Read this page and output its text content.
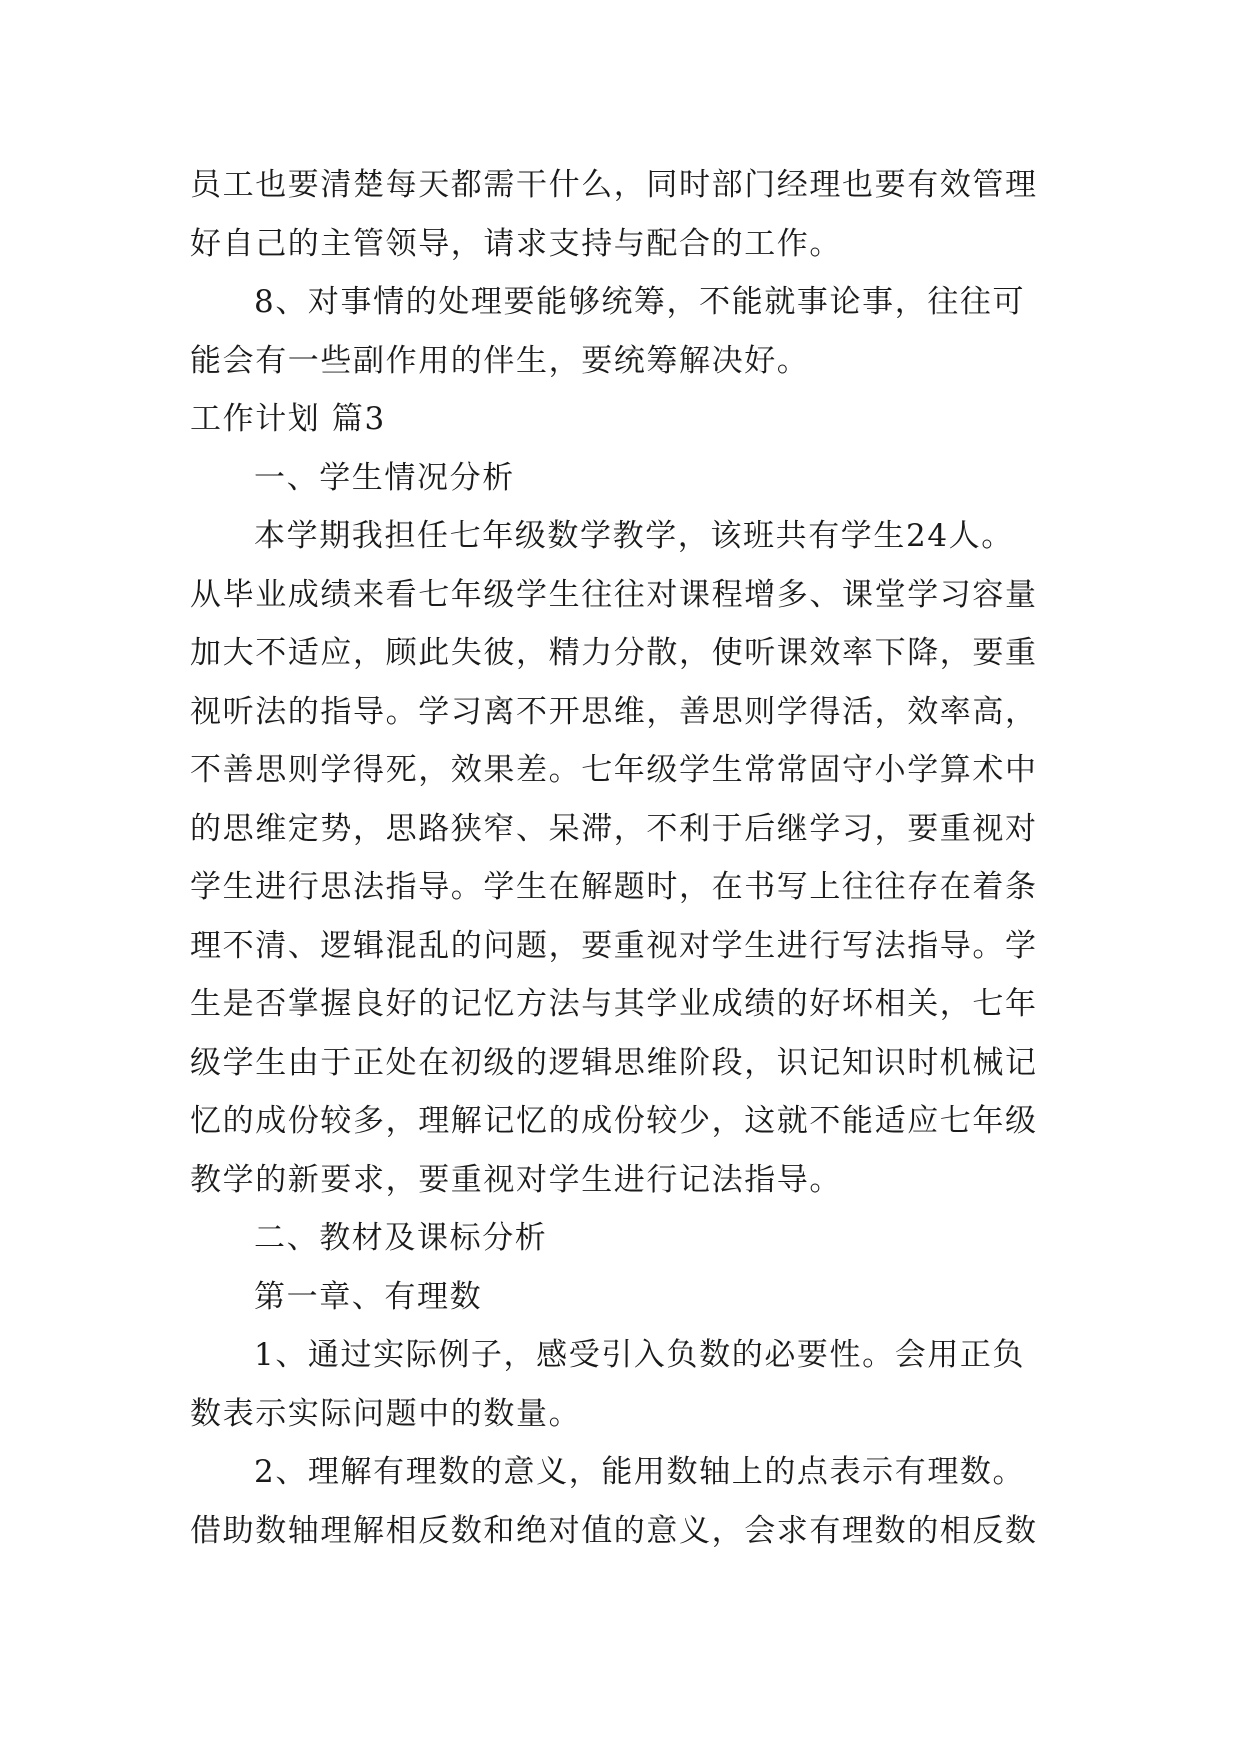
员工也要清楚每天都需干什么，同时部门经理也要有效管理
好自己的主管领导，请求支持与配合的工作。
8、对事情的处理要能够统筹，不能就事论事，往往可
能会有一些副作用的伴生，要统筹解决好。
工作计划 篇3
一、学生情况分析
本学期我担任七年级数学教学，该班共有学生24人。
从毕业成绩来看七年级学生往往对课程增多、课堂学习容量
加大不适应，顾此失彼，精力分散，使听课效率下降，要重
视听法的指导。学习离不开思维，善思则学得活，效率高，
不善思则学得死，效果差。七年级学生常常固守小学算术中
的思维定势，思路狭窄、呆滞，不利于后继学习，要重视对
学生进行思法指导。学生在解题时，在书写上往往存在着条
理不清、逻辑混乱的问题，要重视对学生进行写法指导。学
生是否掌握良好的记忆方法与其学业成绩的好坏相关，七年
级学生由于正处在初级的逻辑思维阶段，识记知识时机械记
忆的成份较多，理解记忆的成份较少，这就不能适应七年级
教学的新要求，要重视对学生进行记法指导。
二、教材及课标分析
第一章、有理数
1、通过实际例子，感受引入负数的必要性。会用正负
数表示实际问题中的数量。
2、理解有理数的意义，能用数轴上的点表示有理数。
借助数轴理解相反数和绝对值的意义，会求有理数的相反数
